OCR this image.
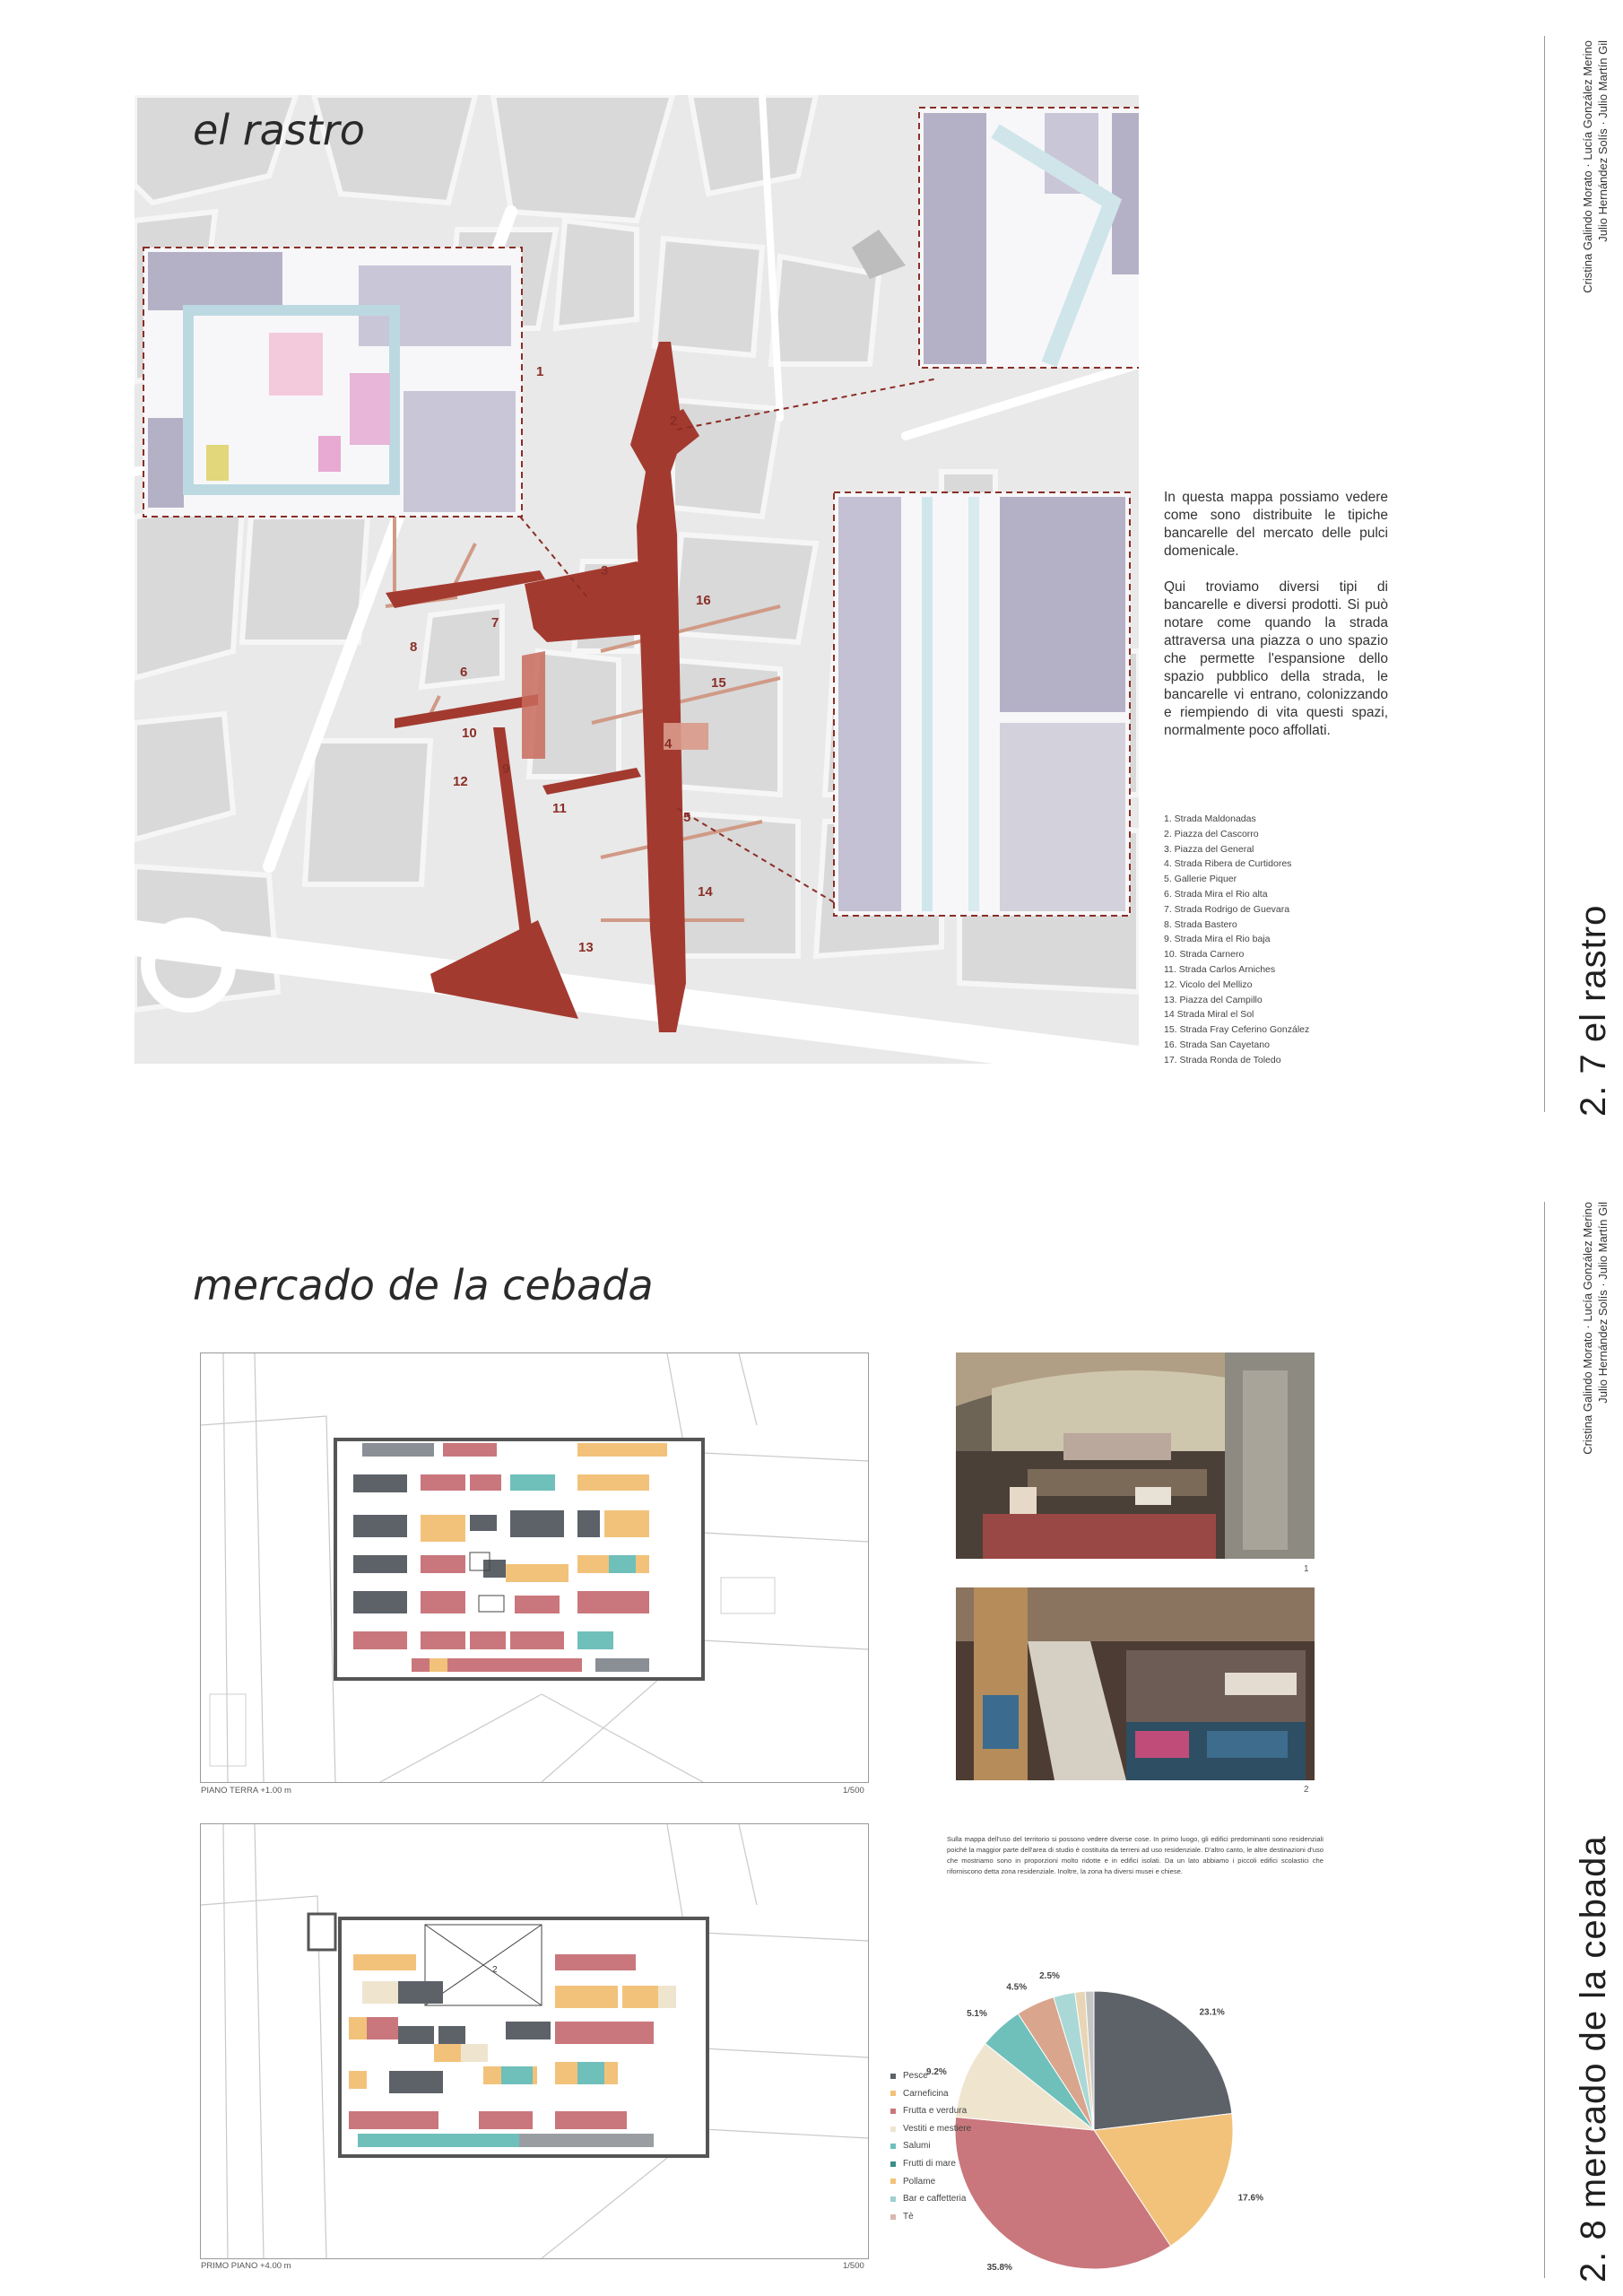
1
2
3
4
5
6
7
8
9
10
11
12
13
14
15
16
el rastro

In questa mappa possiamo vedere come sono distribuite le tipiche bancarelle del mercato delle pulci domenicale.

Qui troviamo diversi tipi di bancarelle e diversi prodotti. Si può notare come quando la strada attraversa una piazza o uno spazio che permette l'espansione dello spazio pubblico della strada, le bancarelle vi entrano, colonizzando e riempiendo di vita questi spazi, normalmente poco affollati.

1. Strada Maldonadas
2. Piazza del Cascorro
3. Piazza del General
4. Strada Ribera de Curtidores
5. Gallerie Piquer
6. Strada Mira el Rio alta
7. Strada Rodrigo de Guevara
8. Strada Bastero
9. Strada Mira el Rio baja
10. Strada Carnero
11. Strada Carlos Arniches
12. Vicolo del Mellizo
13. Piazza del Campillo
14 Strada Miral el Sol
15. Strada Fray Ceferino González
16. Strada San Cayetano
17. Strada Ronda de Toledo
Cristina Galindo Morato · Lucía González Merino Julio Hernández Solís · Julio Martín Gil
2. 7 el rastro
mercado de la cebada
PIANO TERRA +1.00 m	1/500
2
PRIMO PIANO +4.00 m	1/500
1
2
Sulla mappa dell'uso del territorio si possono vedere diverse cose. In primo luogo, gli edifici predominanti sono residenziali poiché la maggior parte dell'area di studio è costituita da terreni ad uso residenziale. D'altro canto, le altre destinazioni d'uso che mostriamo sono in proporzioni molto ridotte e in edifici isolati. Da un lato abbiamo i piccoli edifici scolastici che riforniscono detta zona residenziale. Inoltre, la zona ha diversi musei e chiese.
23.1%
17.6%
35.8%
9.2%
5.1%
4.5%
2.5%
Pesce
Carneficina
Frutta e verdura
Vestiti e mestiere
Salumi
Frutti di mare
Pollame
Bar e caffetteria
Tè
Cristina Galindo Morato · Lucía González Merino Julio Hernández Solís · Julio Martín Gil
2. 8 mercado de la cebada
